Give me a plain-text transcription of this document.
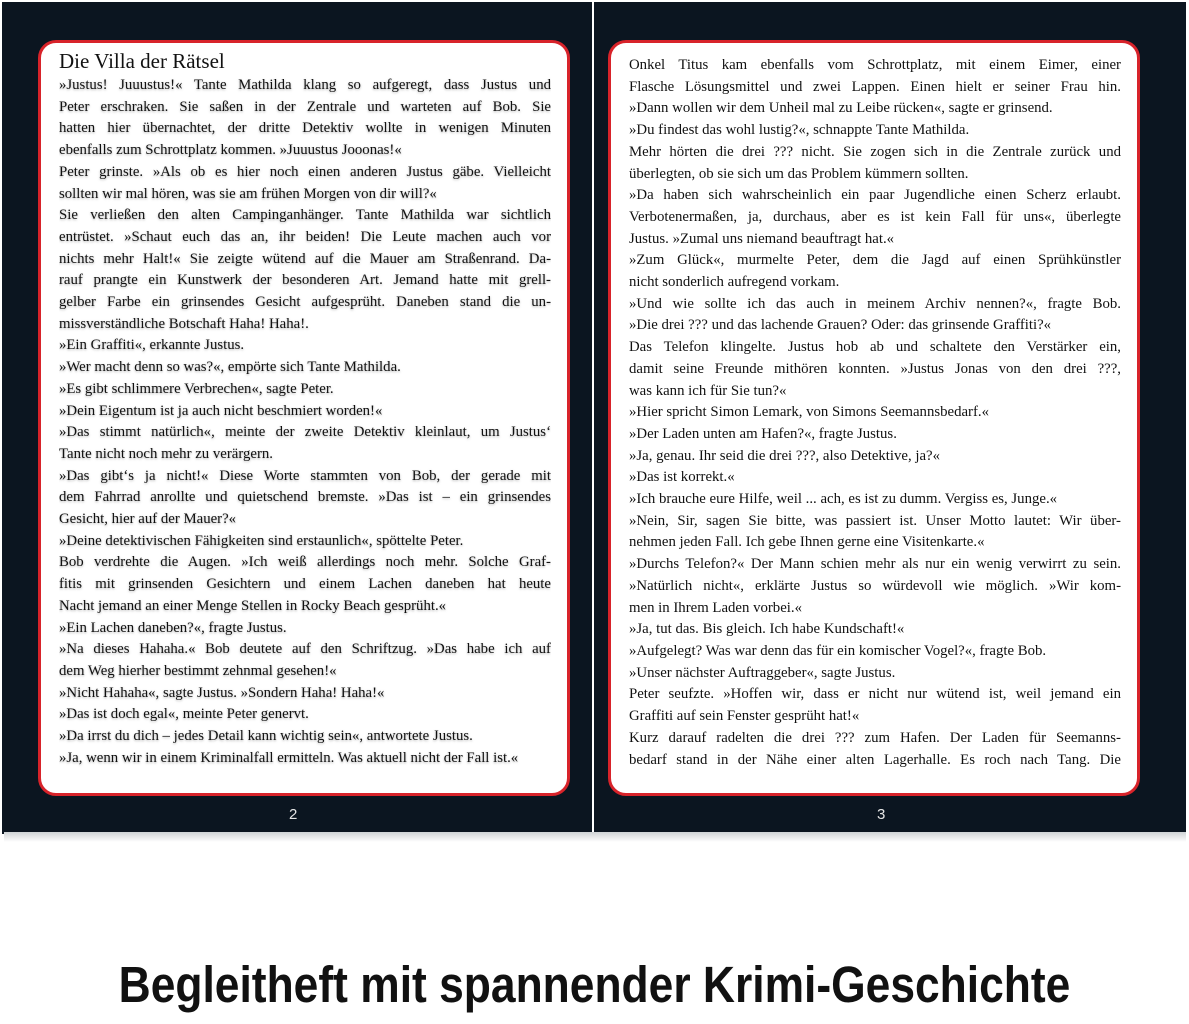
Die Villa der Rätsel
»Justus! Juuustus!« Tante Mathilda klang so aufgeregt, dass Justus und
Peter erschraken. Sie saßen in der Zentrale und warteten auf Bob. Sie
hatten hier übernachtet, der dritte Detektiv wollte in wenigen Minuten
ebenfalls zum Schrottplatz kommen. »Juuustus Jooonas!«
Peter grinste. »Als ob es hier noch einen anderen Justus gäbe. Vielleicht
sollten wir mal hören, was sie am frühen Morgen von dir will?«
Sie verließen den alten Campinganhänger. Tante Mathilda war sichtlich
entrüstet. »Schaut euch das an, ihr beiden! Die Leute machen auch vor
nichts mehr Halt!« Sie zeigte wütend auf die Mauer am Straßenrand. Da-
rauf prangte ein Kunstwerk der besonderen Art. Jemand hatte mit grell-
gelber Farbe ein grinsendes Gesicht aufgesprüht. Daneben stand die un-
missverständliche Botschaft Haha! Haha!.
»Ein Graffiti«, erkannte Justus.
»Wer macht denn so was?«, empörte sich Tante Mathilda.
»Es gibt schlimmere Verbrechen«, sagte Peter.
»Dein Eigentum ist ja auch nicht beschmiert worden!«
»Das stimmt natürlich«, meinte der zweite Detektiv kleinlaut, um Justus‘
Tante nicht noch mehr zu verärgern.
»Das gibt‘s ja nicht!« Diese Worte stammten von Bob, der gerade mit
dem Fahrrad anrollte und quietschend bremste. »Das ist – ein grinsendes
Gesicht, hier auf der Mauer?«
»Deine detektivischen Fähigkeiten sind erstaunlich«, spöttelte Peter.
Bob verdrehte die Augen. »Ich weiß allerdings noch mehr. Solche Graf-
fitis mit grinsenden Gesichtern und einem Lachen daneben hat heute
Nacht jemand an einer Menge Stellen in Rocky Beach gesprüht.«
»Ein Lachen daneben?«, fragte Justus.
»Na dieses Hahaha.« Bob deutete auf den Schriftzug. »Das habe ich auf
dem Weg hierher bestimmt zehnmal gesehen!«
»Nicht Hahaha«, sagte Justus. »Sondern Haha! Haha!«
»Das ist doch egal«, meinte Peter genervt.
»Da irrst du dich – jedes Detail kann wichtig sein«, antwortete Justus.
»Ja, wenn wir in einem Kriminalfall ermitteln. Was aktuell nicht der Fall ist.«
2
Onkel Titus kam ebenfalls vom Schrottplatz, mit einem Eimer, einer
Flasche Lösungsmittel und zwei Lappen. Einen hielt er seiner Frau hin.
»Dann wollen wir dem Unheil mal zu Leibe rücken«, sagte er grinsend.
»Du findest das wohl lustig?«, schnappte Tante Mathilda.
Mehr hörten die drei ??? nicht. Sie zogen sich in die Zentrale zurück und
überlegten, ob sie sich um das Problem kümmern sollten.
»Da haben sich wahrscheinlich ein paar Jugendliche einen Scherz erlaubt.
Verbotenermaßen, ja, durchaus, aber es ist kein Fall für uns«, überlegte
Justus. »Zumal uns niemand beauftragt hat.«
»Zum Glück«, murmelte Peter, dem die Jagd auf einen Sprühkünstler
nicht sonderlich aufregend vorkam.
»Und wie sollte ich das auch in meinem Archiv nennen?«, fragte Bob.
»Die drei ??? und das lachende Grauen? Oder: das grinsende Graffiti?«
Das Telefon klingelte. Justus hob ab und schaltete den Verstärker ein,
damit seine Freunde mithören konnten. »Justus Jonas von den drei ???,
was kann ich für Sie tun?«
»Hier spricht Simon Lemark, von Simons Seemannsbedarf.«
»Der Laden unten am Hafen?«, fragte Justus.
»Ja, genau. Ihr seid die drei ???, also Detektive, ja?«
»Das ist korrekt.«
»Ich brauche eure Hilfe, weil ... ach, es ist zu dumm. Vergiss es, Junge.«
»Nein, Sir, sagen Sie bitte, was passiert ist. Unser Motto lautet: Wir über-
nehmen jeden Fall. Ich gebe Ihnen gerne eine Visitenkarte.«
»Durchs Telefon?« Der Mann schien mehr als nur ein wenig verwirrt zu sein.
»Natürlich nicht«, erklärte Justus so würdevoll wie möglich. »Wir kom-
men in Ihrem Laden vorbei.«
»Ja, tut das. Bis gleich. Ich habe Kundschaft!«
»Aufgelegt? Was war denn das für ein komischer Vogel?«, fragte Bob.
»Unser nächster Auftraggeber«, sagte Justus.
Peter seufzte. »Hoffen wir, dass er nicht nur wütend ist, weil jemand ein
Graffiti auf sein Fenster gesprüht hat!«
Kurz darauf radelten die drei ??? zum Hafen. Der Laden für Seemanns-
bedarf stand in der Nähe einer alten Lagerhalle. Es roch nach Tang. Die
3
Begleitheft mit spannender Krimi-Geschichte
